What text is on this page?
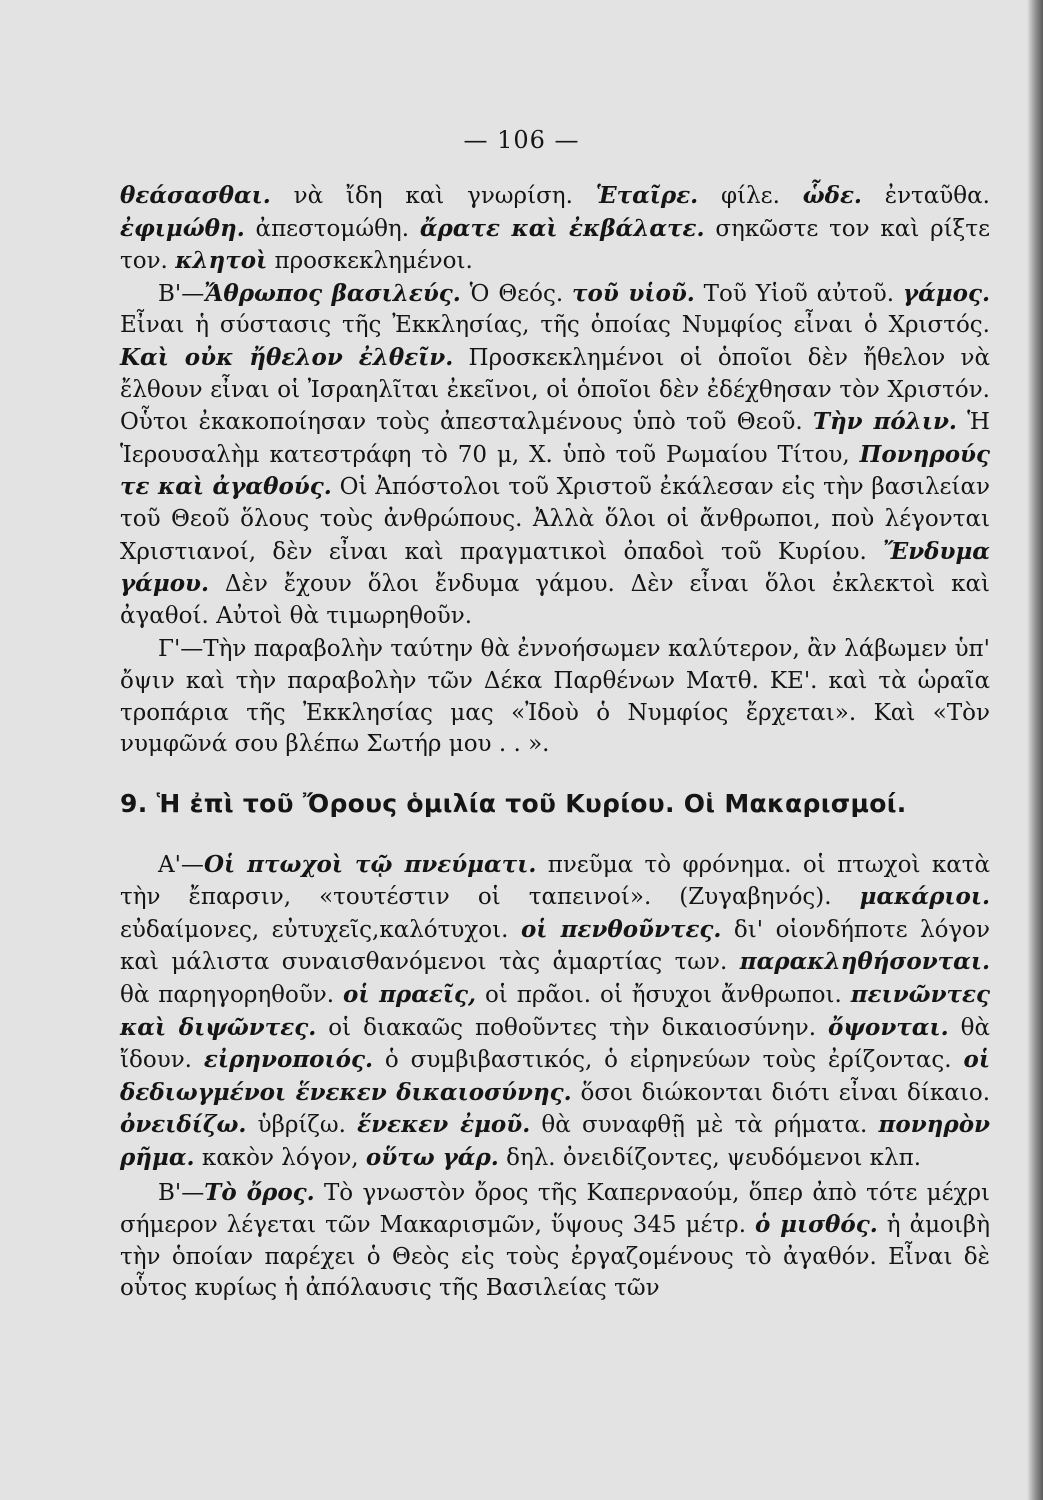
— 106 —

θεάσασθαι. νὰ ἴδη καὶ γνωρίση. Ἑταῖρε. φίλε. ὧδε. ἐνταῦθα. ἐφιμώθη. ἀπεστομώθη. ἄρατε καὶ ἐκβάλατε. σηκῶστε τον καὶ ρίξτε τον. κλητοὶ προσκεκλημένοι.

Β'—Ἄθρωπος βασιλεύς. Ὁ Θεός. τοῦ υἱοῦ. Τοῦ Υἱοῦ αὐτοῦ. γάμος. Εἶναι ἡ σύστασις τῆς Ἐκκλησίας, τῆς ὁποίας Νυμφίος εἶναι ὁ Χριστός. Καὶ οὐκ ἤθελον ἐλθεῖν. Προσκεκλημένοι οἱ ὁποῖοι δὲν ἤθελον νὰ ἔλθουν εἶναι οἱ Ἰσραηλῖται ἐκεῖνοι, οἱ ὁποῖοι δὲν ἐδέχθησαν τὸν Χριστόν. Οὗτοι ἐκακοποίησαν τοὺς ἀπεσταλμένους ὑπὸ τοῦ Θεοῦ. Τὴν πόλιν. Ἡ Ἱερουσαλὴμ κατεστράφη τὸ 70 μ, Χ. ὑπὸ τοῦ Ρωμαίου Τίτου, Πονηρούς τε καὶ ἀγαθούς. Οἱ Ἀπόστολοι τοῦ Χριστοῦ ἐκάλεσαν εἰς τὴν βασιλείαν τοῦ Θεοῦ ὅλους τοὺς ἀνθρώπους. Ἀλλὰ ὅλοι οἱ ἄνθρωποι, ποὺ λέγονται Χριστιανοί, δὲν εἶναι καὶ πραγματικοὶ ὀπαδοὶ τοῦ Κυρίου. Ἔνδυμα γάμου. Δὲν ἔχουν ὅλοι ἔνδυμα γάμου. Δὲν εἶναι ὅλοι ἐκλεκτοὶ καὶ ἀγαθοί. Αὐτοὶ θὰ τιμωρηθοῦν.

Γ'—Τὴν παραβολὴν ταύτην θὰ ἐννοήσωμεν καλύτερον, ἂν λάβωμεν ὑπ' ὄψιν καὶ τὴν παραβολὴν τῶν Δέκα Παρθένων Ματθ. ΚΕ'. καὶ τὰ ὡραῖα τροπάρια τῆς Ἐκκλησίας μας «Ἰδοὺ ὁ Νυμφίος ἔρχεται». Καὶ «Τὸν νυμφῶνά σου βλέπω Σωτήρ μου . . ».

9. Ἡ ἐπὶ τοῦ Ὄρους ὁμιλία τοῦ Κυρίου. Οἱ Μακαρισμοί.

Α'—Οἱ πτωχοὶ τῷ πνεύματι. πνεῦμα τὸ φρόνημα. οἱ πτωχοὶ κατὰ τὴν ἔπαρσιν, «τουτέστιν οἱ ταπεινοί». (Ζυγαβηνός). μακάριοι. εὐδαίμονες, εὐτυχεῖς,καλότυχοι. οἱ πενθοῦντες. δι' οἱονδήποτε λόγον καὶ μάλιστα συναισθανόμενοι τὰς ἁμαρτίας των. παρακληθήσονται. θὰ παρηγορηθοῦν. οἱ πραεῖς, οἱ πρᾶοι. οἱ ἤσυχοι ἄνθρωποι. πεινῶντες καὶ διψῶντες. οἱ διακαῶς ποθοῦντες τὴν δικαιοσύνην. ὄψονται. θὰ ἴδουν. εἰρηνοποιός. ὁ συμβιβαστικός, ὁ εἰρηνεύων τοὺς ἐρίζοντας. οἱ δεδιωγμένοι ἕνεκεν δικαιοσύνης. ὅσοι διώκονται διότι εἶναι δίκαιο. ὀνειδίζω. ὑβρίζω. ἕνεκεν ἐμοῦ. θὰ συναφθῇ μὲ τὰ ρήματα. πονηρὸν ρῆμα. κακὸν λόγον, οὕτω γάρ. δηλ. ὀνειδίζοντες, ψευδόμενοι κλπ.

Β'—Τὸ ὄρος. Τὸ γνωστὸν ὄρος τῆς Καπερναούμ, ὅπερ ἀπὸ τότε μέχρι σήμερον λέγεται τῶν Μακαρισμῶν, ὕψους 345 μέτρ. ὁ μισθός. ἡ ἀμοιβὴ τὴν ὁποίαν παρέχει ὁ Θεὸς εἰς τοὺς ἐργαζομένους τὸ ἀγαθόν. Εἶναι δὲ οὗτος κυρίως ἡ ἀπόλαυσις τῆς Βασιλείας τῶν
